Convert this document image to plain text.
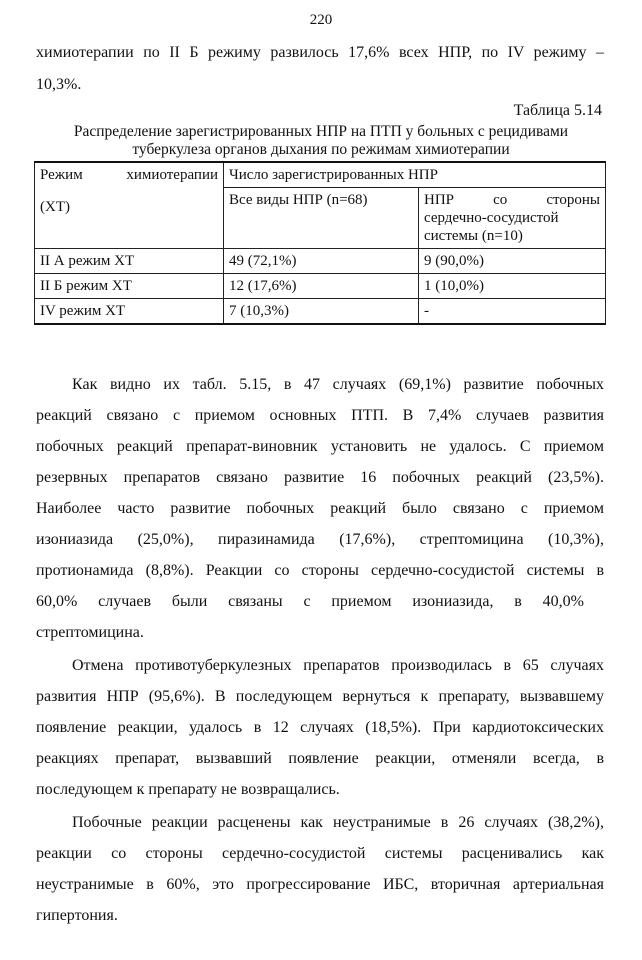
220
химиотерапии по II Б режиму развилось 17,6% всех НПР, по IV режиму –
10,3%.
Таблица 5.14
Распределение зарегистрированных НПР на ПТП у больных с рецидивами
туберкулеза органов дыхания по режимам химиотерапии
Режим химиотерапии
(ХТ)	Число зарегистрированных НПР	
	Все виды НПР (n=68)	НПР со стороны
сердечно-сосудистой
системы (n=10)

II А режим ХТ	49 (72,1%)	9 (90,0%)
II Б режим ХТ	12 (17,6%)	1 (10,0%)
IV режим ХТ	7 (10,3%)	-
Как видно их табл. 5.15, в 47 случаях (69,1%) развитие побочных
реакций связано с приемом основных ПТП. В 7,4% случаев развития
побочных реакций препарат-виновник установить не удалось. С приемом
резервных препаратов связано развитие 16 побочных реакций (23,5%).
Наиболее часто развитие побочных реакций было связано с приемом
изониазида (25,0%), пиразинамида (17,6%), стрептомицина (10,3%),
протионамида (8,8%). Реакции со стороны сердечно-сосудистой системы в
60,0% случаев были связаны с приемом изониазида, в 40,0%
стрептомицина.
Отмена противотуберкулезных препаратов производилась в 65 случаях
развития НПР (95,6%). В последующем вернуться к препарату, вызвавшему
появление реакции, удалось в 12 случаях (18,5%). При кардиотоксических
реакциях препарат, вызвавший появление реакции, отменяли всегда, в
последующем к препарату не возвращались.
Побочные реакции расценены как неустранимые в 26 случаях (38,2%),
реакции со стороны сердечно-сосудистой системы расценивались как
неустранимые в 60%, это прогрессирование ИБС, вторичная артериальная
гипертония.
